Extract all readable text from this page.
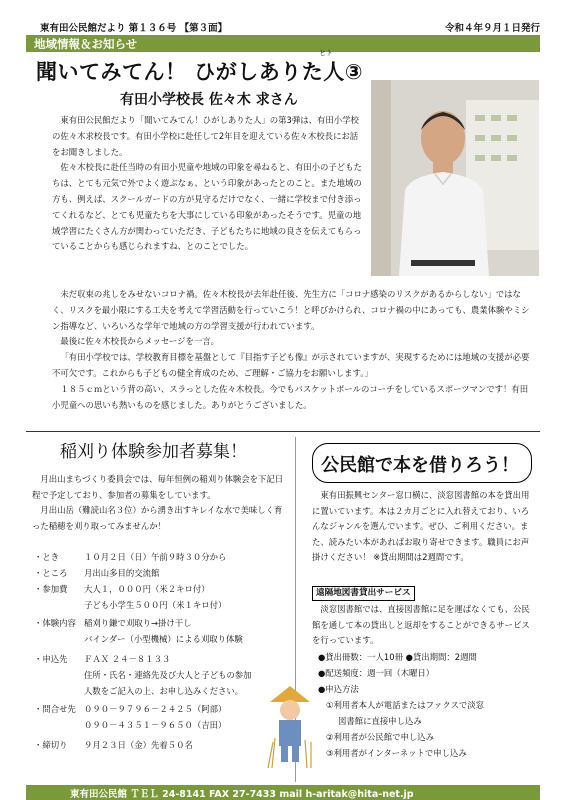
東有田公民館だより 第１３６号 【第３面】	令和４年９月１日発行
地域情報＆お知らせ
ヒト
聞いてみてん！ ひがしありた人③
有田小学校長 佐々木 求さん

東有田公民館だより「聞いてみてん！ひがしありた人」の第3弾は、有田小学校の佐々木求校長です。有田小学校に赴任して2年目を迎えている佐々木校長にお話をお聞きしました。

佐々木校長に赴任当時の有田小児童や地域の印象を尋ねると、有田小の子どもたちは、とても元気で外でよく遊ぶなぁ、という印象があったとのこと。また地域の方も、例えば、スクールガードの方が見守るだけでなく、一緒に学校まで付き添ってくれるなど、とても児童たちを大事にしている印象があったそうです。児童の地域学習にたくさん方が関わっていただき、子どもたちに地域の良さを伝えてもらっていることからも感じられますね、とのことでした。

未だ収束の兆しをみせないコロナ禍。佐々木校長が去年赴任後、先生方に「コロナ感染のリスクがあるからしない」ではなく、リスクを最小限にする工夫を考えて学習活動を行っていこう！と呼びかけられ、コロナ禍の中にあっても、農業体験やミシン指導など、いろいろな学年で地域の方の学習支援が行われています。

最後に佐々木校長からメッセージを一言。

「有田小学校では、学校教育目標を基盤として『目指す子ども像』が示されていますが、実現するためには地域の支援が必要不可欠です。これからも子どもの健全育成のため、ご理解・ご協力をお願いします。」

１８５ｃｍという背の高い、スラっとした佐々木校長。今でもバスケットボールのコーチをしているスポーツマンです！有田小児童への思いも熱いものを感じました。ありがとうございました。

稲刈り体験参加者募集！

月出山まちづくり委員会では、毎年恒例の稲刈り体験会を下記日程で予定しており、参加者の募集をしています。

月出山岳（難読山名３位）から湧き出すキレイな水で美味しく育った稲穂を刈り取ってみませんか！

・とき	１０月２日（日）午前９時３０分から
・ところ 月出山多目的交流館
・参加費 大人１，０００円（米２キロ付）
子ども小学生５００円（米１キロ付）
・体験内容 稲刈り鎌で刈取り→掛け干し
バインダー（小型機械）による刈取り体験
・申込先 ＦＡＸ ２４－８１３３
住所・氏名・連絡先及び大人と子どもの参加
人数をご記入の上、お申し込みください。
・問合せ先 ０９０－９７９６－２４２５（阿部）
０９０－４３５１－９６５０（吉田）
・締切り ９月２３日（金）先着５０名
公民館で本を借りろう！

東有田振興センター窓口横に、淡窓図書館の本を貸出用に置いています。本は２カ月ごとに入れ替えており、いろんなジャンルを選んでいます。ぜひ、ご利用ください。また、読みたい本があればお取り寄せできます。職員にお声掛けください！ ※貸出期間は2週間です。

遠隔地図書貸出サービス

淡窓図書館では、直接図書館に足を運ばなくても、公民館を通して本の貸出しと返却をすることができるサービスを行っています。

●貸出冊数：一人10冊 ●貸出期間：2週間
●配送頻度：週一回（木曜日）
●申込方法
①利用者本人が電話またはファクスで淡窓
図書館に直接申し込み
②利用者が公民館で申し込み
③利用者がインターネットで申し込み
東有田公民館 ＴＥＬ 24-8141 FAX 27-7433 mail h-aritak@hita-net.jp
